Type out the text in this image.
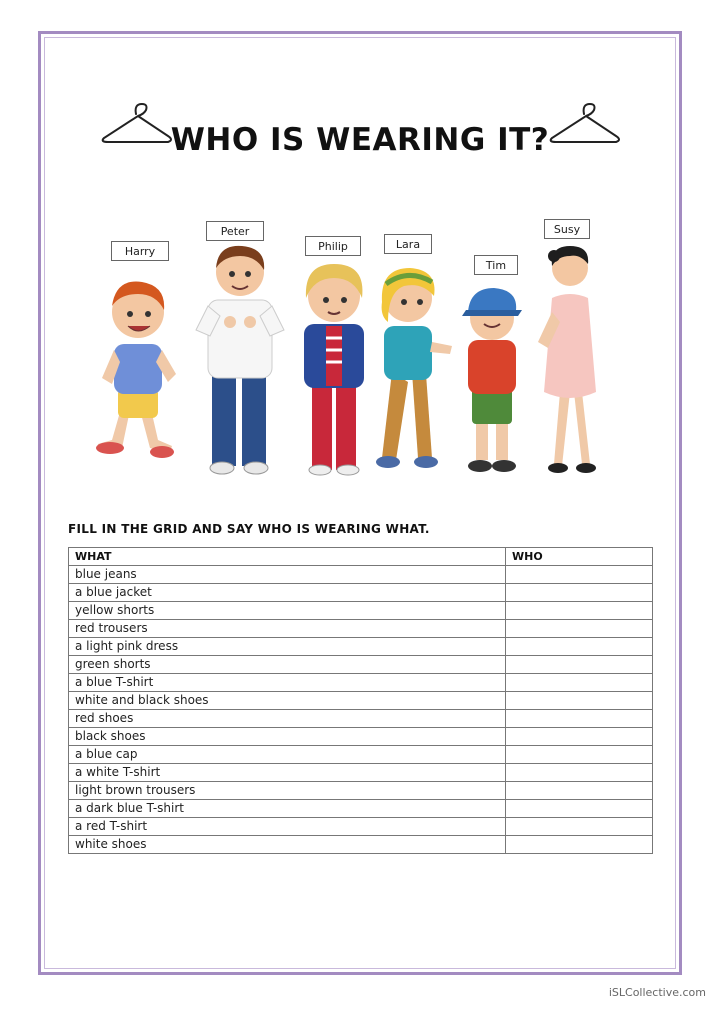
WHO IS WEARING IT?
Harry
Peter
Philip	Lara
Tim
Susy
FILL IN THE GRID AND SAY WHO IS WEARING WHAT.
WHAT	WHO
blue jeans	
a blue jacket	
yellow shorts	
red trousers	
a light pink dress	
green shorts	
a blue T-shirt	
white and black shoes	
red shoes	
black shoes	
a blue cap	
a white T-shirt	
light brown trousers	
a dark blue T-shirt	
a red T-shirt	
white shoes	
iSLCollective.com
